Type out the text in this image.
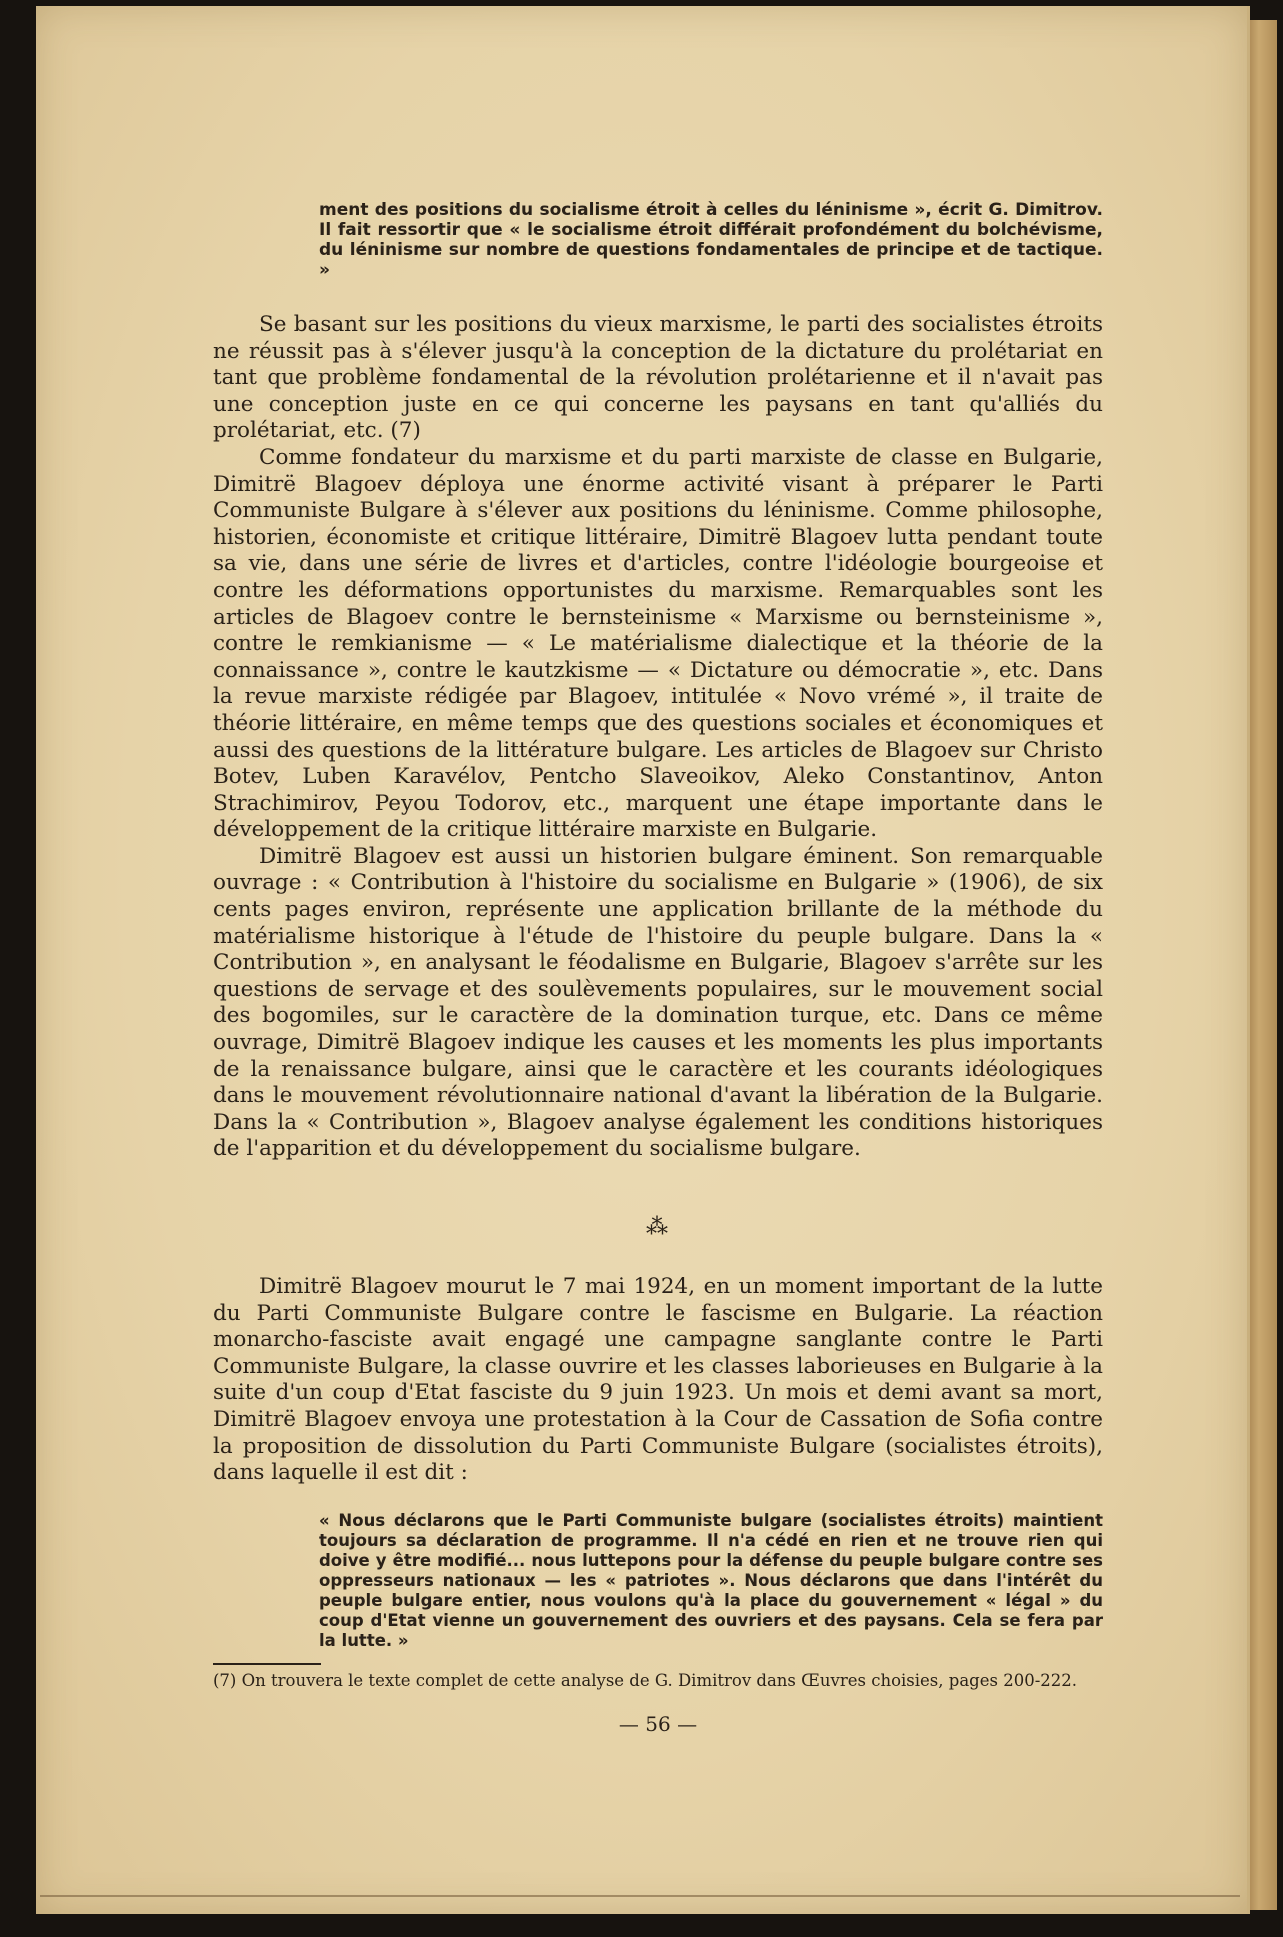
ment des positions du socialisme étroit à celles du léninisme », écrit G. Dimitrov. Il fait ressortir que « le socialisme étroit différait profondément du bolchévisme, du léninisme sur nombre de questions fondamentales de principe et de tactique. »

Se basant sur les positions du vieux marxisme, le parti des socialistes étroits ne réussit pas à s'élever jusqu'à la conception de la dictature du prolétariat en tant que problème fondamental de la révolution prolétarienne et il n'avait pas une conception juste en ce qui concerne les paysans en tant qu'alliés du prolétariat, etc. (7)

Comme fondateur du marxisme et du parti marxiste de classe en Bulgarie, Dimitrë Blagoev déploya une énorme activité visant à préparer le Parti Communiste Bulgare à s'élever aux positions du léninisme. Comme philosophe, historien, économiste et critique littéraire, Dimitrë Blagoev lutta pendant toute sa vie, dans une série de livres et d'articles, contre l'idéologie bourgeoise et contre les déformations opportunistes du marxisme. Remarquables sont les articles de Blagoev contre le bernsteinisme « Marxisme ou bernsteinisme », contre le remkianisme — « Le matérialisme dialectique et la théorie de la connaissance », contre le kautzkisme — « Dictature ou démocratie », etc. Dans la revue marxiste rédigée par Blagoev, intitulée « Novo vrémé », il traite de théorie littéraire, en même temps que des questions sociales et économiques et aussi des questions de la littérature bulgare. Les articles de Blagoev sur Christo Botev, Luben Karavélov, Pentcho Slaveoikov, Aleko Constantinov, Anton Strachimirov, Peyou Todorov, etc., marquent une étape importante dans le développement de la critique littéraire marxiste en Bulgarie.

Dimitrë Blagoev est aussi un historien bulgare éminent. Son remarquable ouvrage : « Contribution à l'histoire du socialisme en Bulgarie » (1906), de six cents pages environ, représente une application brillante de la méthode du matérialisme historique à l'étude de l'histoire du peuple bulgare. Dans la « Contribution », en analysant le féodalisme en Bulgarie, Blagoev s'arrête sur les questions de servage et des soulèvements populaires, sur le mouvement social des bogomiles, sur le caractère de la domination turque, etc. Dans ce même ouvrage, Dimitrë Blagoev indique les causes et les moments les plus importants de la renaissance bulgare, ainsi que le caractère et les courants idéologiques dans le mouvement révolutionnaire national d'avant la libération de la Bulgarie. Dans la « Contribution », Blagoev analyse également les conditions historiques de l'apparition et du développement du socialisme bulgare.

⁂

Dimitrë Blagoev mourut le 7 mai 1924, en un moment important de la lutte du Parti Communiste Bulgare contre le fascisme en Bulgarie. La réaction monarcho-fasciste avait engagé une campagne sanglante contre le Parti Communiste Bulgare, la classe ouvrire et les classes laborieuses en Bulgarie à la suite d'un coup d'Etat fasciste du 9 juin 1923. Un mois et demi avant sa mort, Dimitrë Blagoev envoya une protestation à la Cour de Cassation de Sofia contre la proposition de dissolution du Parti Communiste Bulgare (socialistes étroits), dans laquelle il est dit :

« Nous déclarons que le Parti Communiste bulgare (socialistes étroits) maintient toujours sa déclaration de programme. Il n'a cédé en rien et ne trouve rien qui doive y être modifié... nous luttерons pour la défense du peuple bulgare contre ses oppresseurs nationaux — les « patriotes ». Nous déclarons que dans l'intérêt du peuple bulgare entier, nous voulons qu'à la place du gouvernement « légal » du coup d'Etat vienne un gouvernement des ouvriers et des paysans. Cela se fera par la lutte. »
(7) On trouvera le texte complet de cette analyse de G. Dimitrov dans Œuvres choisies, pages 200-222.
— 56 —
